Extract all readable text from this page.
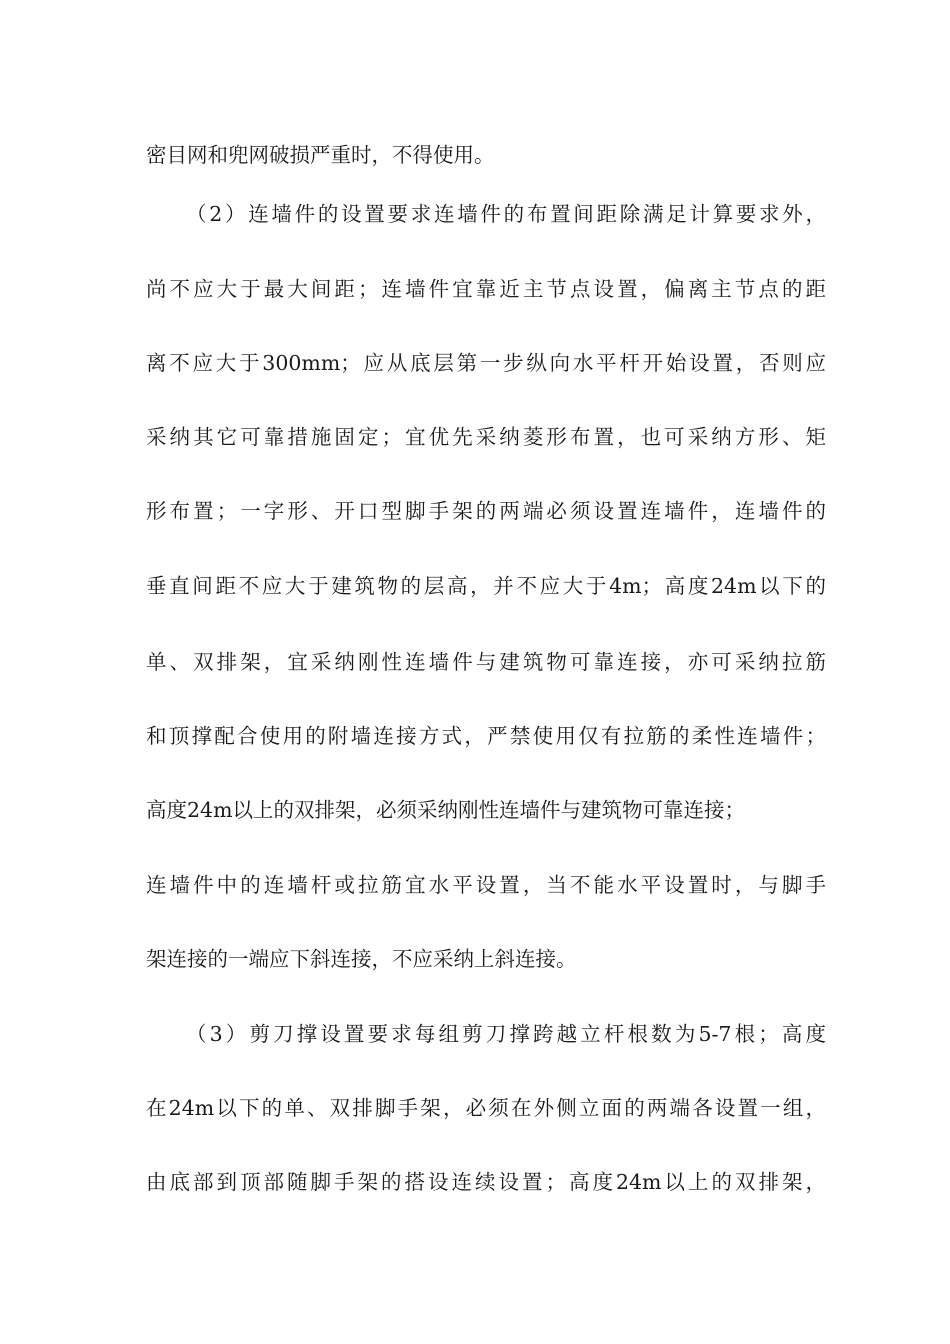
密目网和兜网破损严重时，不得使用。
（2）连墙件的设置要求连墙件的布置间距除满足计算要求外，
尚不应大于最大间距；连墙件宜靠近主节点设置，偏离主节点的距
离不应大于300mm；应从底层第一步纵向水平杆开始设置，否则应
采纳其它可靠措施固定；宜优先采纳菱形布置，也可采纳方形、矩
形布置；一字形、开口型脚手架的两端必须设置连墙件，连墙件的
垂直间距不应大于建筑物的层高，并不应大于4m；高度24m以下的
单、双排架，宜采纳刚性连墙件与建筑物可靠连接，亦可采纳拉筋
和顶撑配合使用的附墙连接方式，严禁使用仅有拉筋的柔性连墙件；
高度24m以上的双排架，必须采纳刚性连墙件与建筑物可靠连接；
连墙件中的连墙杆或拉筋宜水平设置，当不能水平设置时，与脚手
架连接的一端应下斜连接，不应采纳上斜连接。
（3）剪刀撑设置要求每组剪刀撑跨越立杆根数为5-7根；高度
在24m以下的单、双排脚手架，必须在外侧立面的两端各设置一组，
由底部到顶部随脚手架的搭设连续设置；高度24m以上的双排架，
